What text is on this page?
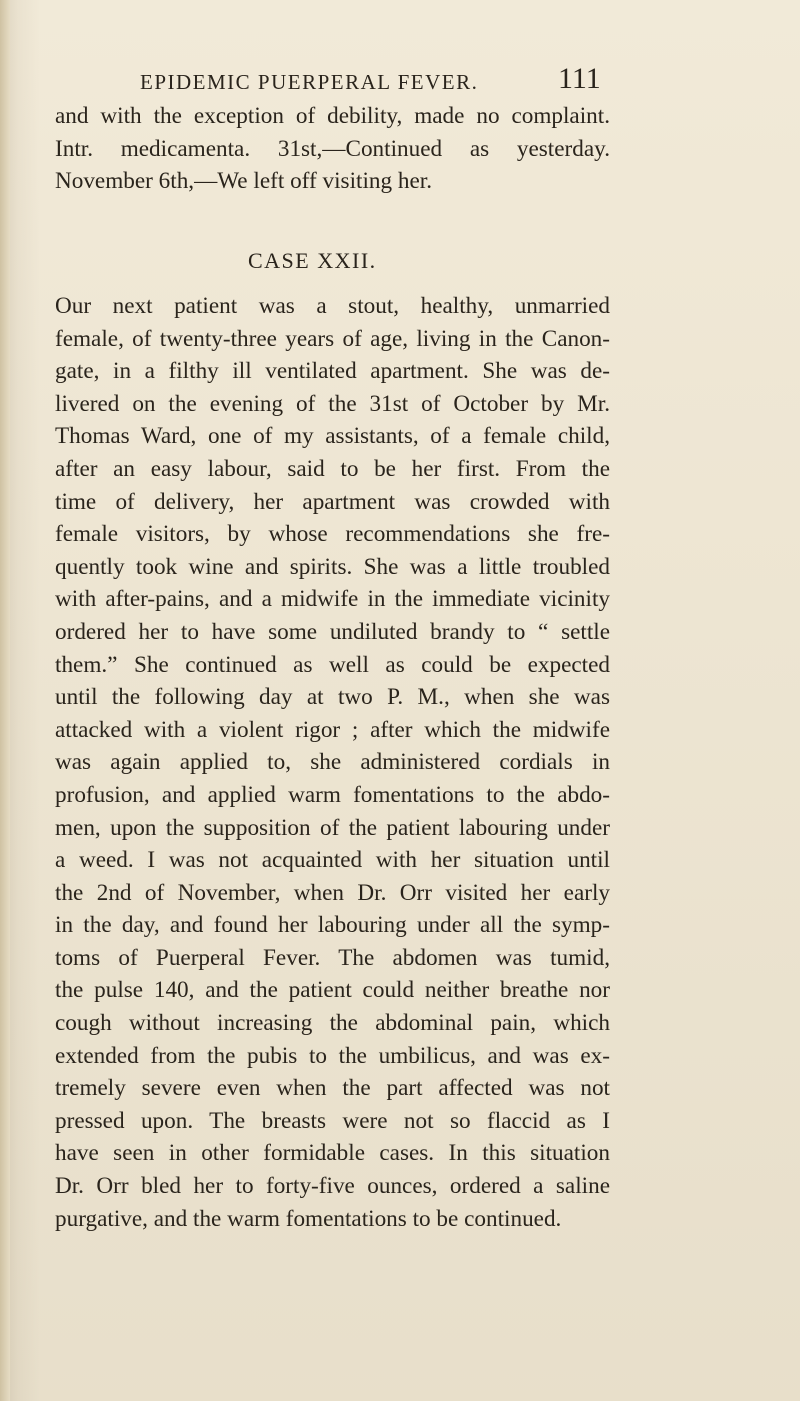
EPIDEMIC PUERPERAL FEVER.	111
and with the exception of debility, made no complaint.
Intr. medicamenta. 31st,—Continued as yesterday.
November 6th,—We left off visiting her.
CASE XXII.
Our next patient was a stout, healthy, unmarried
female, of twenty-three years of age, living in the Canon-
gate, in a filthy ill ventilated apartment. She was de-
livered on the evening of the 31st of October by Mr.
Thomas Ward, one of my assistants, of a female child,
after an easy labour, said to be her first. From the
time of delivery, her apartment was crowded with
female visitors, by whose recommendations she fre-
quently took wine and spirits. She was a little troubled
with after-pains, and a midwife in the immediate vicinity
ordered her to have some undiluted brandy to “ settle
them.” She continued as well as could be expected
until the following day at two P. M., when she was
attacked with a violent rigor ; after which the midwife
was again applied to, she administered cordials in
profusion, and applied warm fomentations to the abdo-
men, upon the supposition of the patient labouring under
a weed. I was not acquainted with her situation until
the 2nd of November, when Dr. Orr visited her early
in the day, and found her labouring under all the symp-
toms of Puerperal Fever. The abdomen was tumid,
the pulse 140, and the patient could neither breathe nor
cough without increasing the abdominal pain, which
extended from the pubis to the umbilicus, and was ex-
tremely severe even when the part affected was not
pressed upon. The breasts were not so flaccid as I
have seen in other formidable cases. In this situation
Dr. Orr bled her to forty-five ounces, ordered a saline
purgative, and the warm fomentations to be continued.
